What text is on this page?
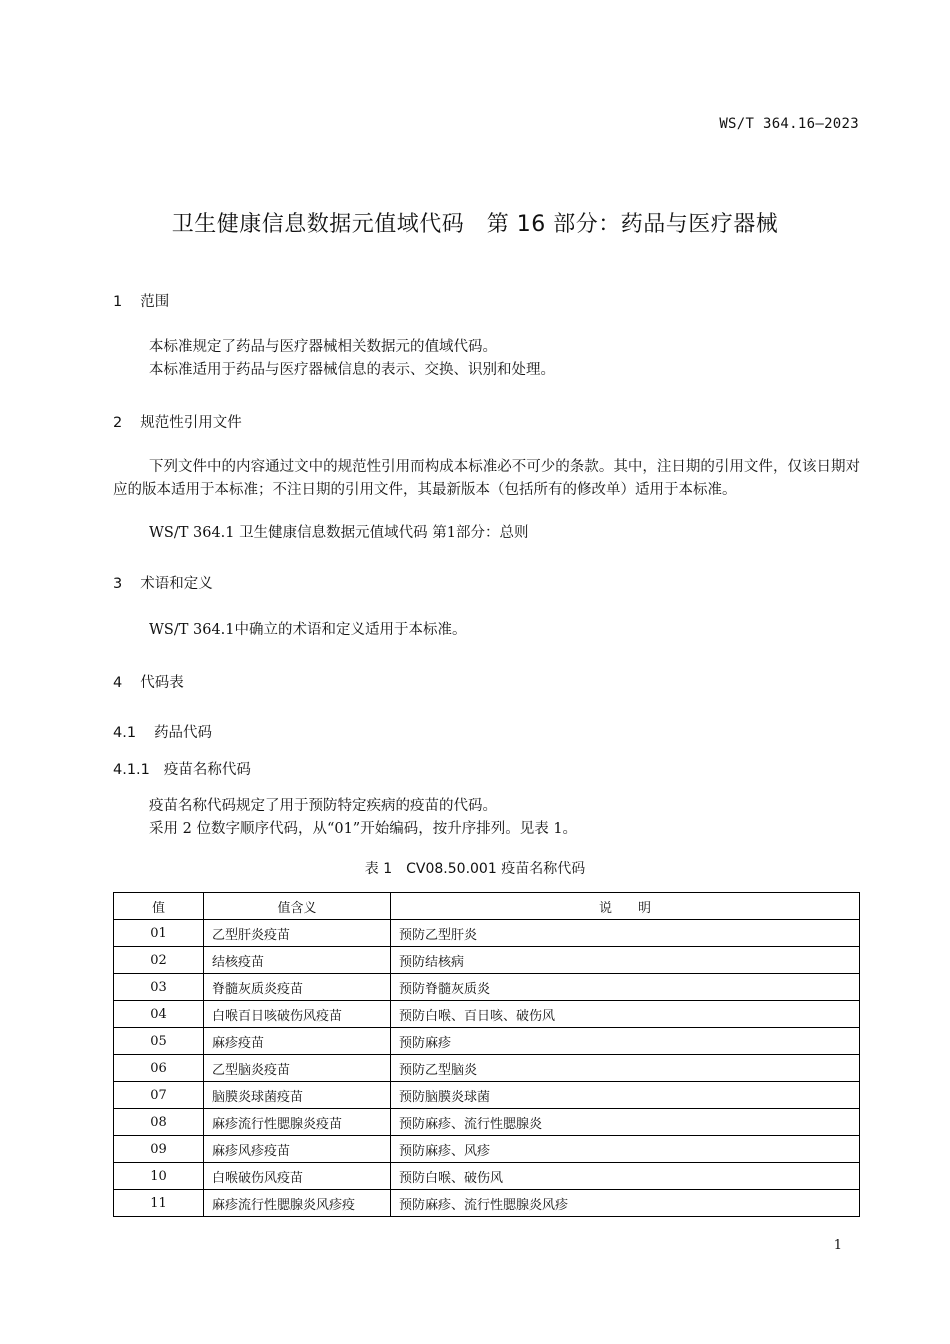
WS/T 364.16—2023
卫生健康信息数据元值域代码　第 16 部分：药品与医疗器械
1 范围
本标准规定了药品与医疗器械相关数据元的值域代码。
本标准适用于药品与医疗器械信息的表示、交换、识别和处理。
2 规范性引用文件
下列文件中的内容通过文中的规范性引用而构成本标准必不可少的条款。其中，注日期的引用文件，仅该日期对应的版本适用于本标准；不注日期的引用文件，其最新版本（包括所有的修改单）适用于本标准。
WS/T 364.1 卫生健康信息数据元值域代码 第1部分：总则
3 术语和定义
WS/T 364.1中确立的术语和定义适用于本标准。
4 代码表
4.1 药品代码
4.1.1 疫苗名称代码
疫苗名称代码规定了用于预防特定疾病的疫苗的代码。
采用 2 位数字顺序代码，从“01”开始编码，按升序排列。见表 1。
表 1　CV08.50.001 疫苗名称代码
值	值含义	说　　明
01	乙型肝炎疫苗	预防乙型肝炎
02	结核疫苗	预防结核病
03	脊髓灰质炎疫苗	预防脊髓灰质炎
04	白喉百日咳破伤风疫苗	预防白喉、百日咳、破伤风
05	麻疹疫苗	预防麻疹
06	乙型脑炎疫苗	预防乙型脑炎
07	脑膜炎球菌疫苗	预防脑膜炎球菌
08	麻疹流行性腮腺炎疫苗	预防麻疹、流行性腮腺炎
09	麻疹风疹疫苗	预防麻疹、风疹
10	白喉破伤风疫苗	预防白喉、破伤风
11	麻疹流行性腮腺炎风疹疫	预防麻疹、流行性腮腺炎风疹
1
